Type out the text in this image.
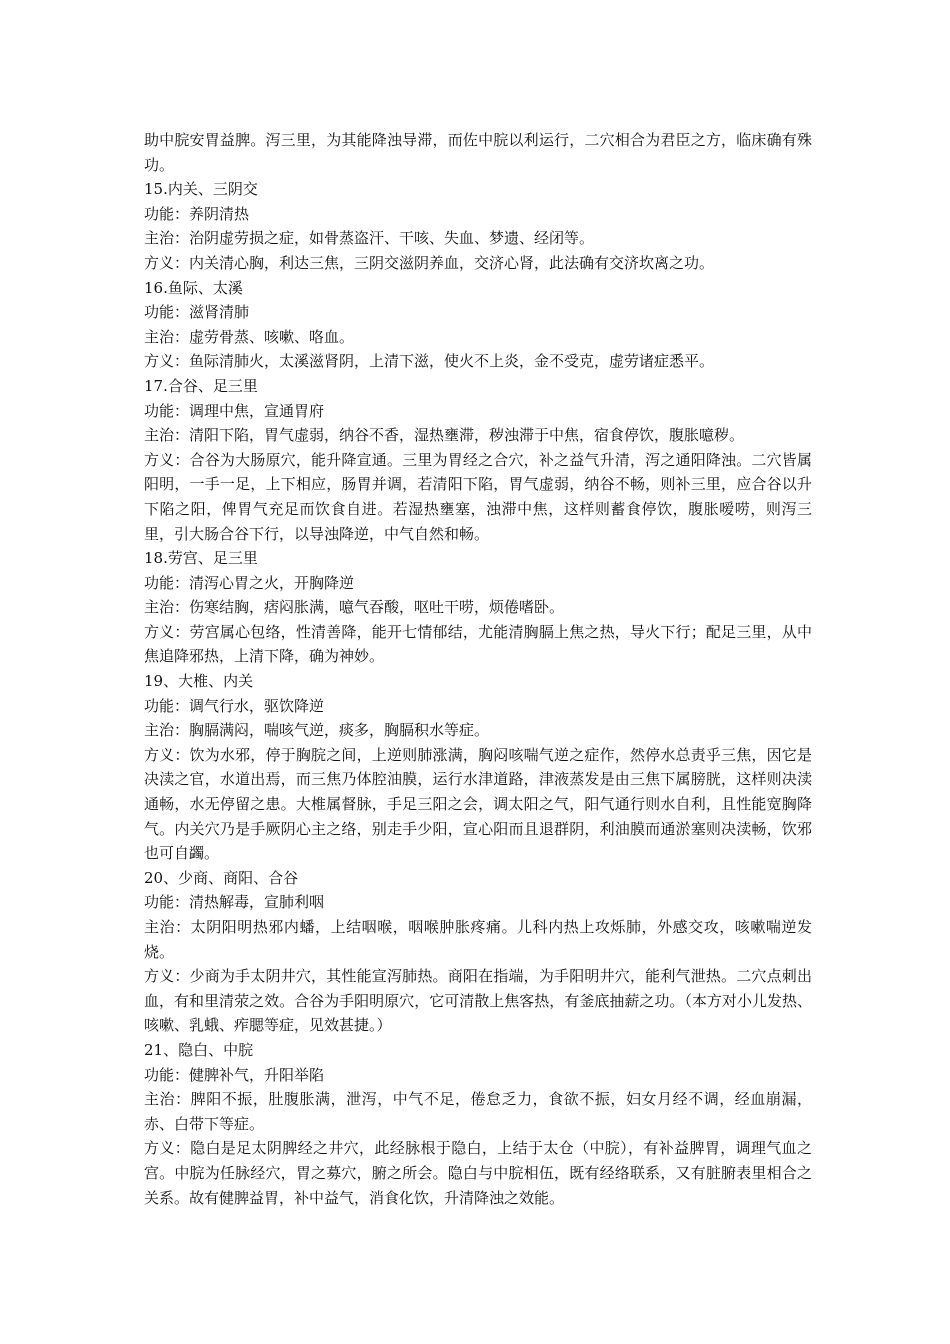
助中脘安胃益脾。泻三里，为其能降浊导滞，而佐中脘以利运行，二穴相合为君臣之方，临床确有殊功。

15.内关、三阴交

功能：养阴清热

主治：治阴虚劳损之症，如骨蒸盗汗、干咳、失血、梦遗、经闭等。

方义：内关清心胸，利达三焦，三阴交滋阴养血，交济心肾，此法确有交济坎离之功。

16.鱼际、太溪

功能：滋肾清肺

主治：虚劳骨蒸、咳嗽、咯血。

方义：鱼际清肺火，太溪滋肾阴，上清下滋，使火不上炎，金不受克，虚劳诸症悉平。

17.合谷、足三里

功能：调理中焦，宣通胃府

主治：清阳下陷，胃气虚弱，纳谷不香，湿热壅滞，秽浊滞于中焦，宿食停饮，腹胀噫秽。

方义：合谷为大肠原穴，能升降宣通。三里为胃经之合穴，补之益气升清，泻之通阳降浊。二穴皆属阳明，一手一足，上下相应，肠胃并调，若清阳下陷，胃气虚弱，纳谷不畅，则补三里，应合谷以升下陷之阳，俾胃气充足而饮食自进。若湿热壅塞，浊滞中焦，这样则蓄食停饮，腹胀嗳唠，则泻三里，引大肠合谷下行，以导浊降逆，中气自然和畅。

18.劳宫、足三里

功能：清泻心胃之火，开胸降逆

主治：伤寒结胸，痞闷胀满，噫气吞酸，呕吐干唠，烦倦嗜卧。

方义：劳宫属心包络，性清善降，能开七情郁结，尤能清胸膈上焦之热，导火下行；配足三里，从中焦追降邪热，上清下降，确为神妙。

19、大椎、内关

功能：调气行水，驱饮降逆

主治：胸膈满闷，喘咳气逆，痰多，胸膈积水等症。

方义：饮为水邪，停于胸脘之间，上逆则肺涨满，胸闷咳喘气逆之症作，然停水总责乎三焦，因它是决渎之官，水道出焉，而三焦乃体腔油膜，运行水津道路，津液蒸发是由三焦下属膀胱，这样则决渎通畅，水无停留之患。大椎属督脉，手足三阳之会，调太阳之气，阳气通行则水自利，且性能宽胸降气。内关穴乃是手厥阴心主之络，别走手少阳，宣心阳而且退群阴，利油膜而通淤塞则决渎畅，饮邪也可自蠲。

20、少商、商阳、合谷

功能：清热解毒，宣肺利咽

主治：太阴阳明热邪内蟠，上结咽喉，咽喉肿胀疼痛。儿科内热上攻烁肺，外感交攻，咳嗽喘逆发烧。

方义：少商为手太阴井穴，其性能宣泻肺热。商阳在指端，为手阳明井穴，能利气泄热。二穴点刺出血，有和里清荥之效。合谷为手阳明原穴，它可清散上焦客热，有釜底抽薪之功。（本方对小儿发热、咳嗽、乳蛾、痄腮等症，见效甚捷。）

21、隐白、中脘

功能：健脾补气，升阳举陷

主治：脾阳不振，肚腹胀满，泄泻，中气不足，倦怠乏力，食欲不振，妇女月经不调，经血崩漏，赤、白带下等症。

方义：隐白是足太阴脾经之井穴，此经脉根于隐白，上结于太仓（中脘），有补益脾胃，调理气血之宫。中脘为任脉经穴，胃之募穴，腑之所会。隐白与中脘相伍，既有经络联系，又有脏腑表里相合之关系。故有健脾益胃，补中益气，消食化饮，升清降浊之效能。
